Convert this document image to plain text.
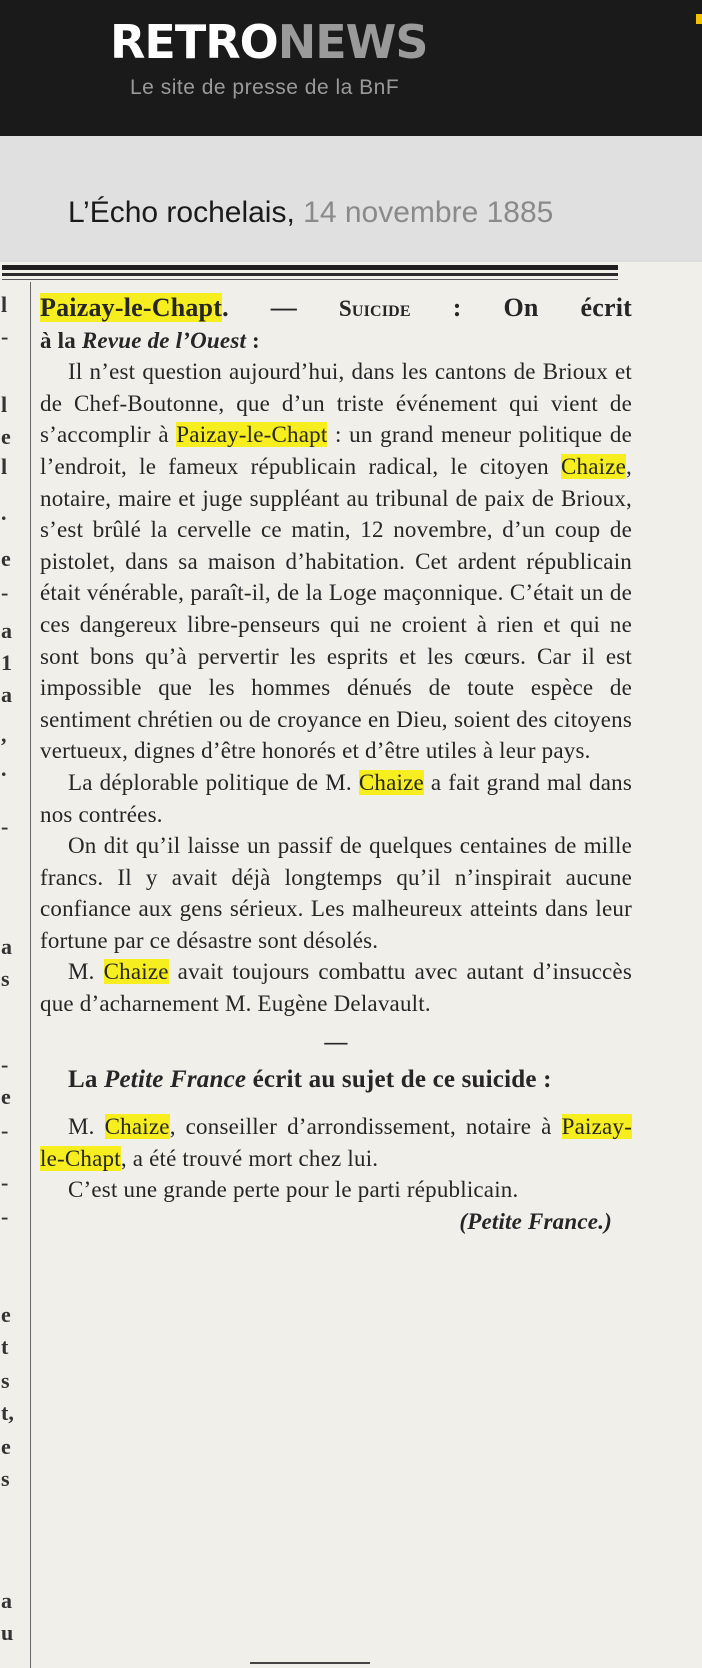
RETRONEWS
Le site de presse de la BnF
L’Écho rochelais, 14 novembre 1885
l
-
l
e
l
.
e
-
a
1
a
,
.
-
a
s
-
e
-
-
-
e
t
s
t,
e
s
a
u

Paizay-le-Chapt. — Suicide : On écrit

à la Revue de l’Ouest :

Il n’est question aujourd’hui, dans les cantons de Brioux et de Chef-Boutonne, que d’un triste événement qui vient de s’accomplir à Paizay-le-Chapt : un grand meneur politique de l’endroit, le fameux républicain radical, le citoyen Chaize, notaire, maire et juge suppléant au tribunal de paix de Brioux, s’est brûlé la cervelle ce matin, 12 novembre, d’un coup de pistolet, dans sa maison d’habitation. Cet ardent républicain était vénérable, paraît-il, de la Loge maçonnique. C’était un de ces dangereux libre-penseurs qui ne croient à rien et qui ne sont bons qu’à pervertir les esprits et les cœurs. Car il est impossible que les hommes dénués de toute espèce de sentiment chrétien ou de croyance en Dieu, soient des citoyens vertueux, dignes d’être honorés et d’être utiles à leur pays.

La déplorable politique de M. Chaize a fait grand mal dans nos contrées.

On dit qu’il laisse un passif de quelques centaines de mille francs. Il y avait déjà longtemps qu’il n’inspirait aucune confiance aux gens sérieux. Les malheureux atteints dans leur fortune par ce désastre sont désolés.

M. Chaize avait toujours combattu avec autant d’insuccès que d’acharnement M. Eugène Delavault.

—

La Petite France écrit au sujet de ce suicide :

M. Chaize, conseiller d’arrondissement, notaire à Paizay-le-Chapt, a été trouvé mort chez lui.

C’est une grande perte pour le parti républicain.

(Petite France.)
